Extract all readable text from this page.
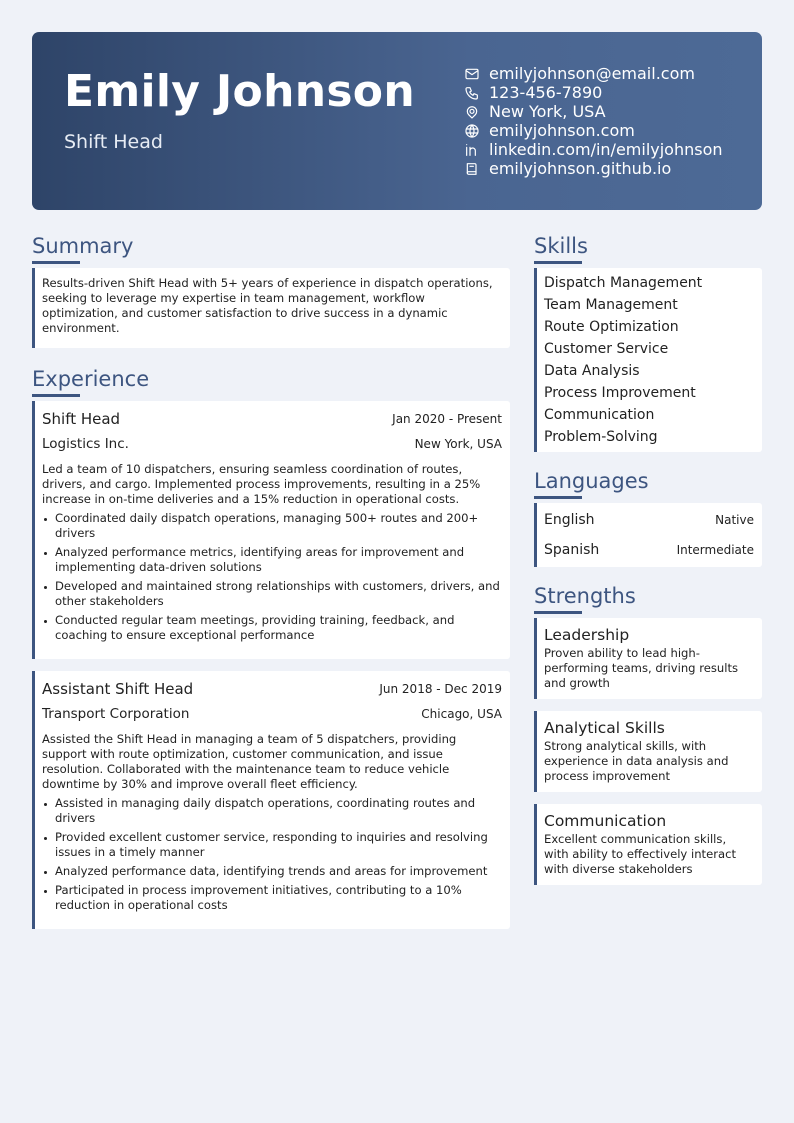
Emily Johnson
Shift Head
emilyjohnson@email.com
123-456-7890
New York, USA
emilyjohnson.com
linkedin.com/in/emilyjohnson
emilyjohnson.github.io
Summary
Results-driven Shift Head with 5+ years of experience in dispatch operations, seeking to leverage my expertise in team management, workflow optimization, and customer satisfaction to drive success in a dynamic environment.
Experience
Shift Head	Jan 2020 - Present
Logistics Inc.	New York, USA
Led a team of 10 dispatchers, ensuring seamless coordination of routes, drivers, and cargo. Implemented process improvements, resulting in a 25% increase in on-time deliveries and a 15% reduction in operational costs.
Coordinated daily dispatch operations, managing 500+ routes and 200+ drivers
Analyzed performance metrics, identifying areas for improvement and implementing data-driven solutions
Developed and maintained strong relationships with customers, drivers, and other stakeholders
Conducted regular team meetings, providing training, feedback, and coaching to ensure exceptional performance
Assistant Shift Head	Jun 2018 - Dec 2019
Transport Corporation	Chicago, USA
Assisted the Shift Head in managing a team of 5 dispatchers, providing support with route optimization, customer communication, and issue resolution. Collaborated with the maintenance team to reduce vehicle downtime by 30% and improve overall fleet efficiency.
Assisted in managing daily dispatch operations, coordinating routes and drivers
Provided excellent customer service, responding to inquiries and resolving issues in a timely manner
Analyzed performance data, identifying trends and areas for improvement
Participated in process improvement initiatives, contributing to a 10% reduction in operational costs
Skills
Dispatch Management
Team Management
Route Optimization
Customer Service
Data Analysis
Process Improvement
Communication
Problem-Solving
Languages
English	Native
Spanish	Intermediate
Strengths
Leadership
Proven ability to lead high-performing teams, driving results and growth
Analytical Skills
Strong analytical skills, with experience in data analysis and process improvement
Communication
Excellent communication skills, with ability to effectively interact with diverse stakeholders
